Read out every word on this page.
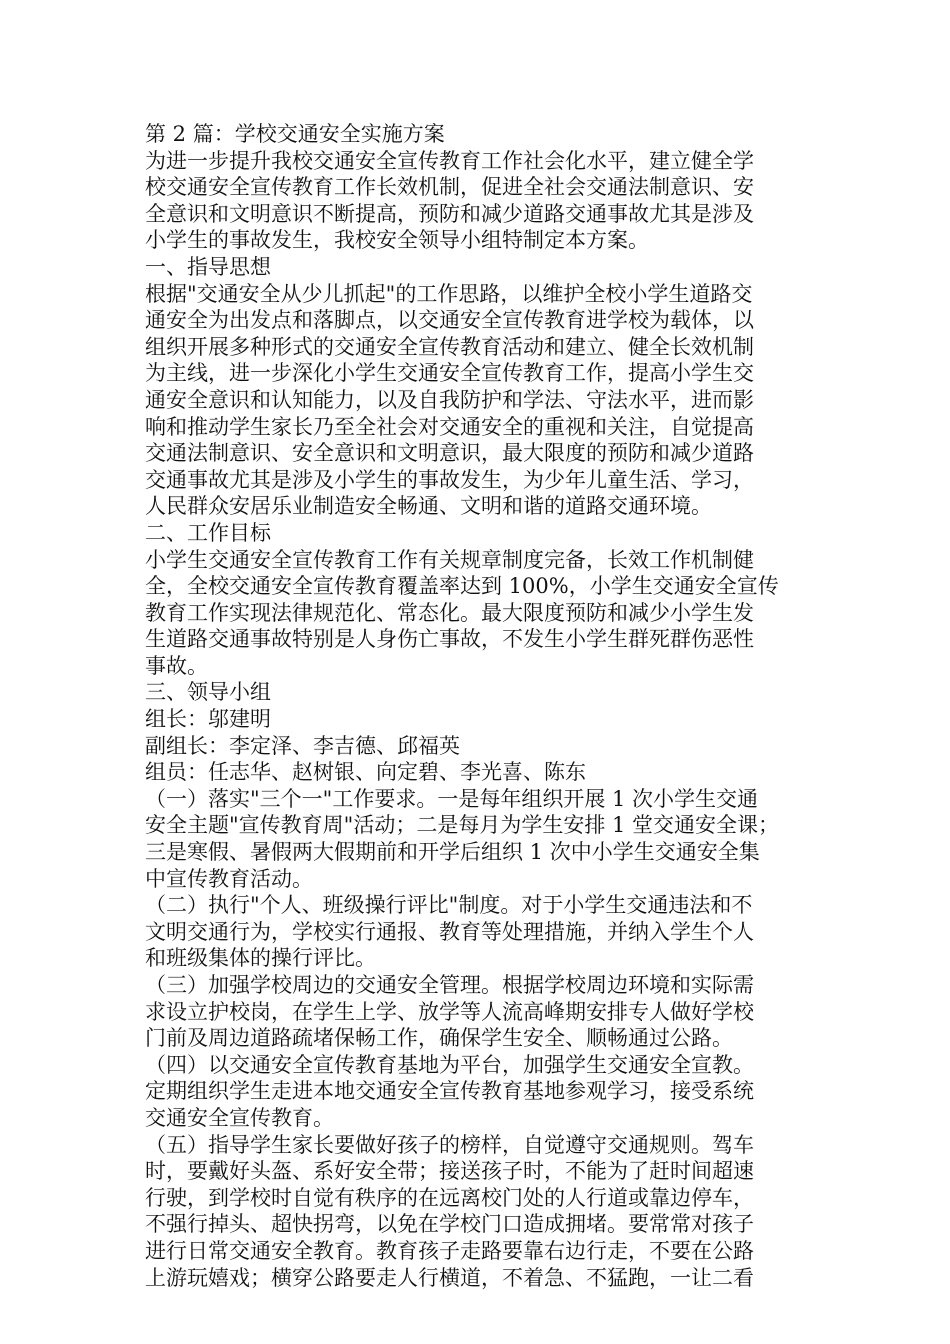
第 2 篇：学校交通安全实施方案
为进一步提升我校交通安全宣传教育工作社会化水平，建立健全学
校交通安全宣传教育工作长效机制，促进全社会交通法制意识、安
全意识和文明意识不断提高，预防和减少道路交通事故尤其是涉及
小学生的事故发生，我校安全领导小组特制定本方案。
一、指导思想
根据"交通安全从少儿抓起"的工作思路，以维护全校小学生道路交
通安全为出发点和落脚点，以交通安全宣传教育进学校为载体，以
组织开展多种形式的交通安全宣传教育活动和建立、健全长效机制
为主线，进一步深化小学生交通安全宣传教育工作，提高小学生交
通安全意识和认知能力，以及自我防护和学法、守法水平，进而影
响和推动学生家长乃至全社会对交通安全的重视和关注，自觉提高
交通法制意识、安全意识和文明意识，最大限度的预防和减少道路
交通事故尤其是涉及小学生的事故发生，为少年儿童生活、学习，
人民群众安居乐业制造安全畅通、文明和谐的道路交通环境。
二、工作目标
小学生交通安全宣传教育工作有关规章制度完备，长效工作机制健
全，全校交通安全宣传教育覆盖率达到 100%，小学生交通安全宣传
教育工作实现法律规范化、常态化。最大限度预防和减少小学生发
生道路交通事故特别是人身伤亡事故，不发生小学生群死群伤恶性
事故。
三、领导小组
组长：邬建明
副组长：李定泽、李吉德、邱福英
组员：任志华、赵树银、向定碧、李光喜、陈东
（一）落实"三个一"工作要求。一是每年组织开展 1 次小学生交通
安全主题"宣传教育周"活动；二是每月为学生安排 1 堂交通安全课；
三是寒假、暑假两大假期前和开学后组织 1 次中小学生交通安全集
中宣传教育活动。
（二）执行"个人、班级操行评比"制度。对于小学生交通违法和不
文明交通行为，学校实行通报、教育等处理措施，并纳入学生个人
和班级集体的操行评比。
（三）加强学校周边的交通安全管理。根据学校周边环境和实际需
求设立护校岗，在学生上学、放学等人流高峰期安排专人做好学校
门前及周边道路疏堵保畅工作，确保学生安全、顺畅通过公路。
（四）以交通安全宣传教育基地为平台，加强学生交通安全宣教。
定期组织学生走进本地交通安全宣传教育基地参观学习，接受系统
交通安全宣传教育。
（五）指导学生家长要做好孩子的榜样，自觉遵守交通规则。驾车
时，要戴好头盔、系好安全带；接送孩子时，不能为了赶时间超速
行驶，到学校时自觉有秩序的在远离校门处的人行道或靠边停车，
不强行掉头、超快拐弯，以免在学校门口造成拥堵。要常常对孩子
进行日常交通安全教育。教育孩子走路要靠右边行走，不要在公路
上游玩嬉戏；横穿公路要走人行横道，不着急、不猛跑，一让二看
